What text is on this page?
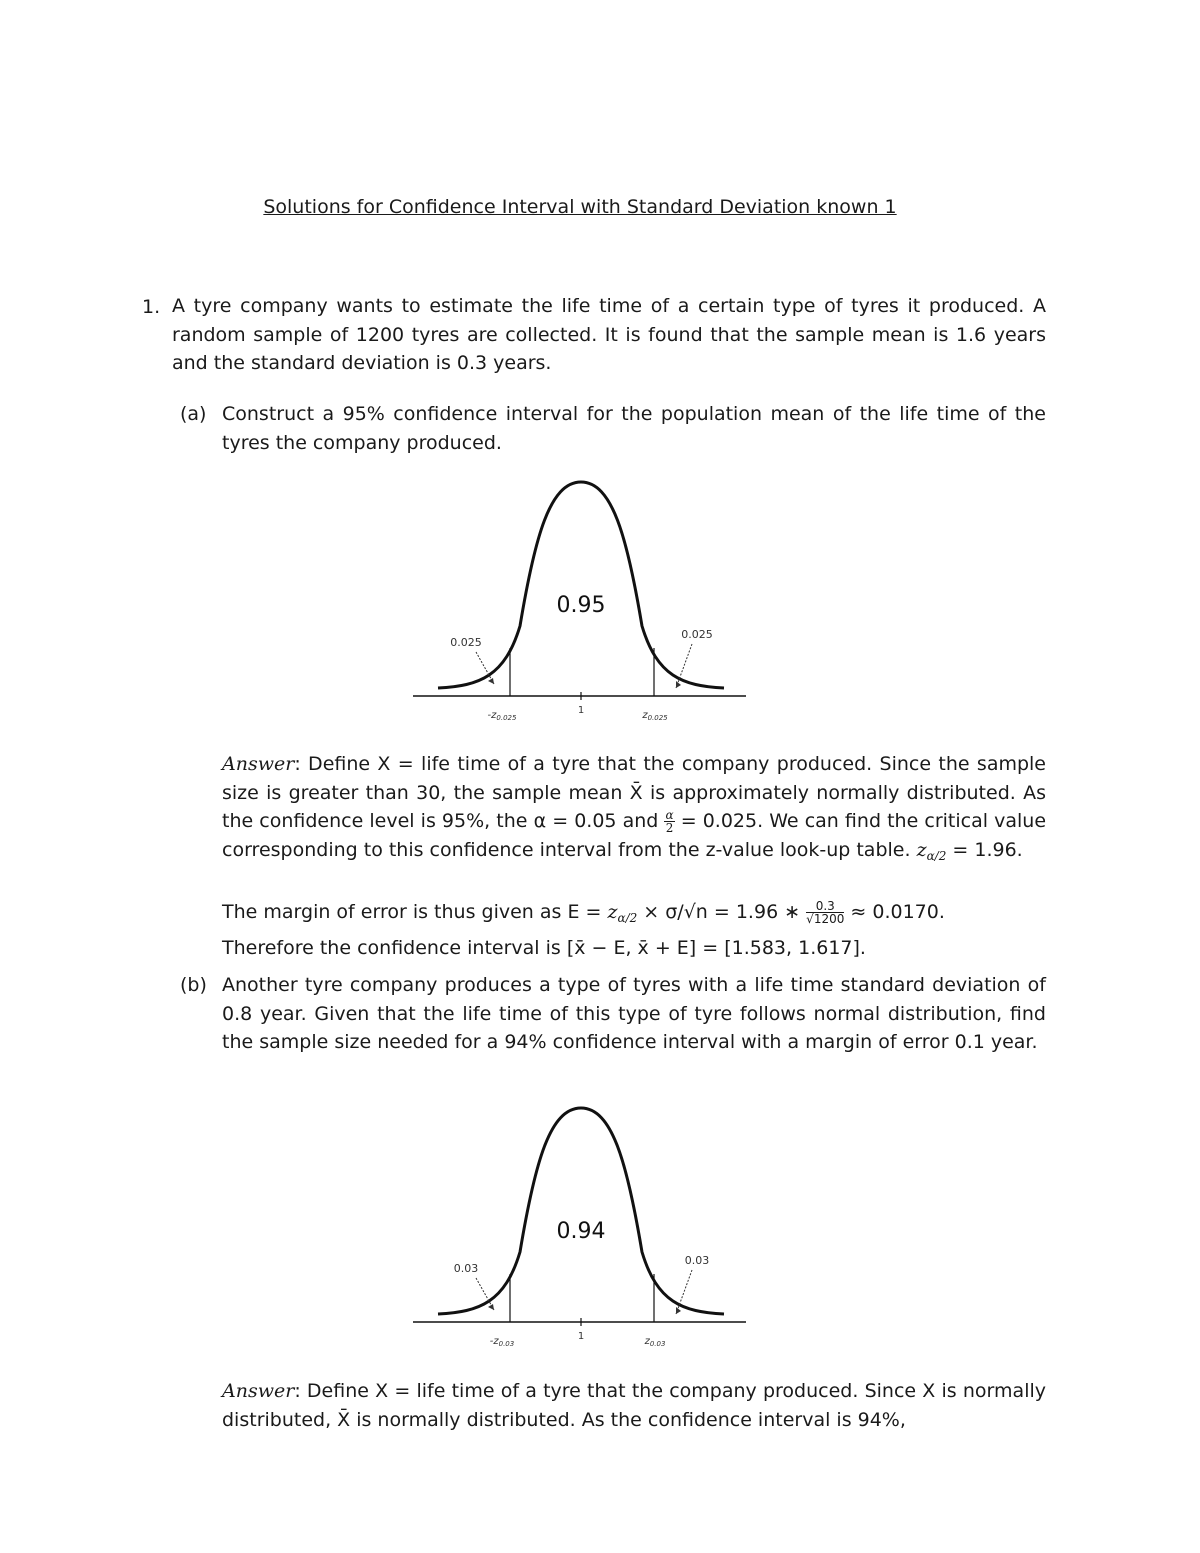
Solutions for Confidence Interval with Standard Deviation known 1
1. A tyre company wants to estimate the life time of a certain type of tyres it produced. A random sample of 1200 tyres are collected. It is found that the sample mean is 1.6 years and the standard deviation is 0.3 years.
(a) Construct a 95% confidence interval for the population mean of the life time of the tyres the company produced.
0.95
0.025
0.025
$-z_{0.025}$
1	$z_{0.025}$
Answer: Define X = life time of a tyre that the company produced. Since the sample size is greater than 30, the sample mean X̄ is approximately normally distributed. As the confidence level is 95%, the α = 0.05 and $\frac{\alpha}{2} = 0.025$. We can find the critical value corresponding to this confidence interval from the z-value look-up table. $z_{\alpha/2} = 1.96$.
The margin of error is thus given as $E = z_{\alpha/2} \times \sigma/√n = 1.96$ ∗ $\frac{0.3}{√1200} \approx 0.0170$.
Therefore the confidence interval is [x̄ − E, x̄ + E] = [1.583, 1.617].
(b) Another tyre company produces a type of tyres with a life time standard deviation of 0.8 year. Given that the life time of this type of tyre follows normal distribution, find the sample size needed for a 94% confidence interval with a margin of error 0.1 year.
0.94
0.03
0.03
$-z_{0.03}$
1	$z_{0.03}$
Answer: Define X = life time of a tyre that the company produced. Since X is normally distributed, X̄ is normally distributed. As the confidence interval is 94%,
